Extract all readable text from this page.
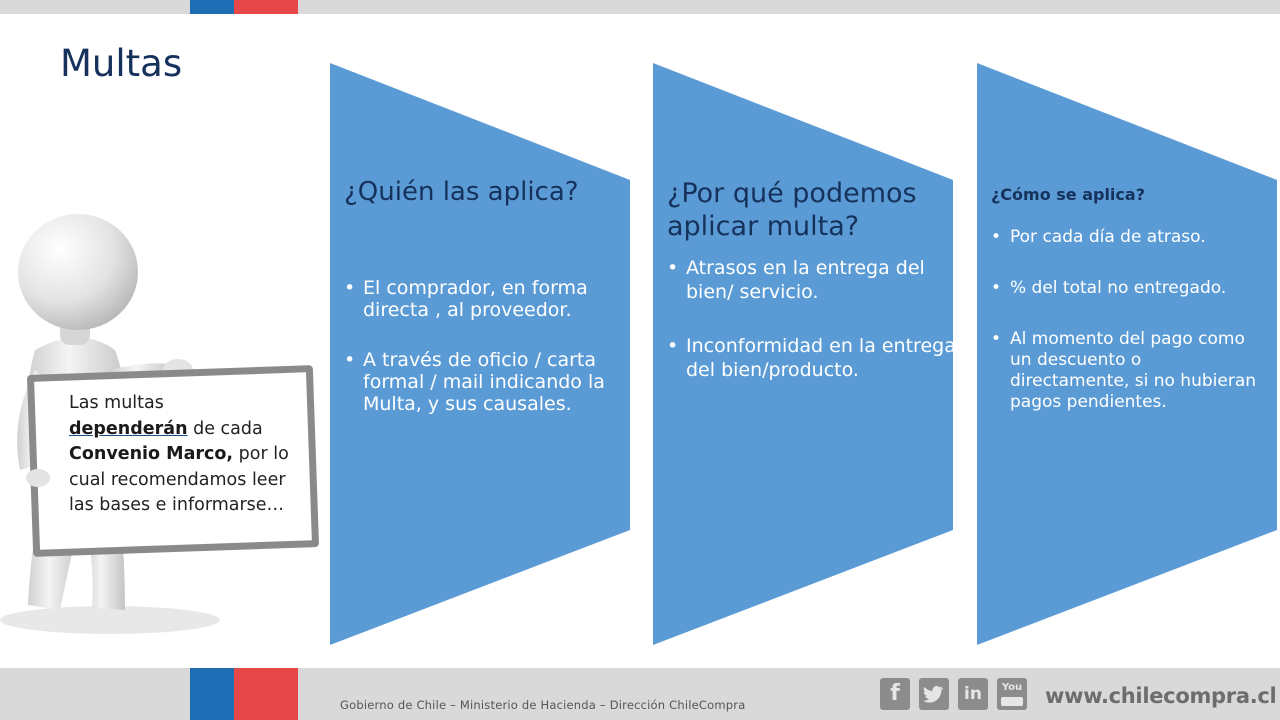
Multas
Las multas
dependerán de cada
Convenio Marco, por lo cual recomendamos leer las bases e informarse…
¿Quién las aplica?
• El comprador, en forma directa , al proveedor.
• A través de oficio / carta formal / mail indicando la Multa, y sus causales.
¿Por qué podemos aplicar multa?
• Atrasos en la entrega del bien/ servicio.
• Inconformidad en la entrega del bien/producto.
¿Cómo se aplica?
• Por cada día de atraso.
• % del total no entregado.
• Al momento del pago como un descuento o directamente, si no hubieran pagos pendientes.
Gobierno de Chile – Ministerio de Hacienda – Dirección ChileCompra	f	in	You www.chilecompra.cl
